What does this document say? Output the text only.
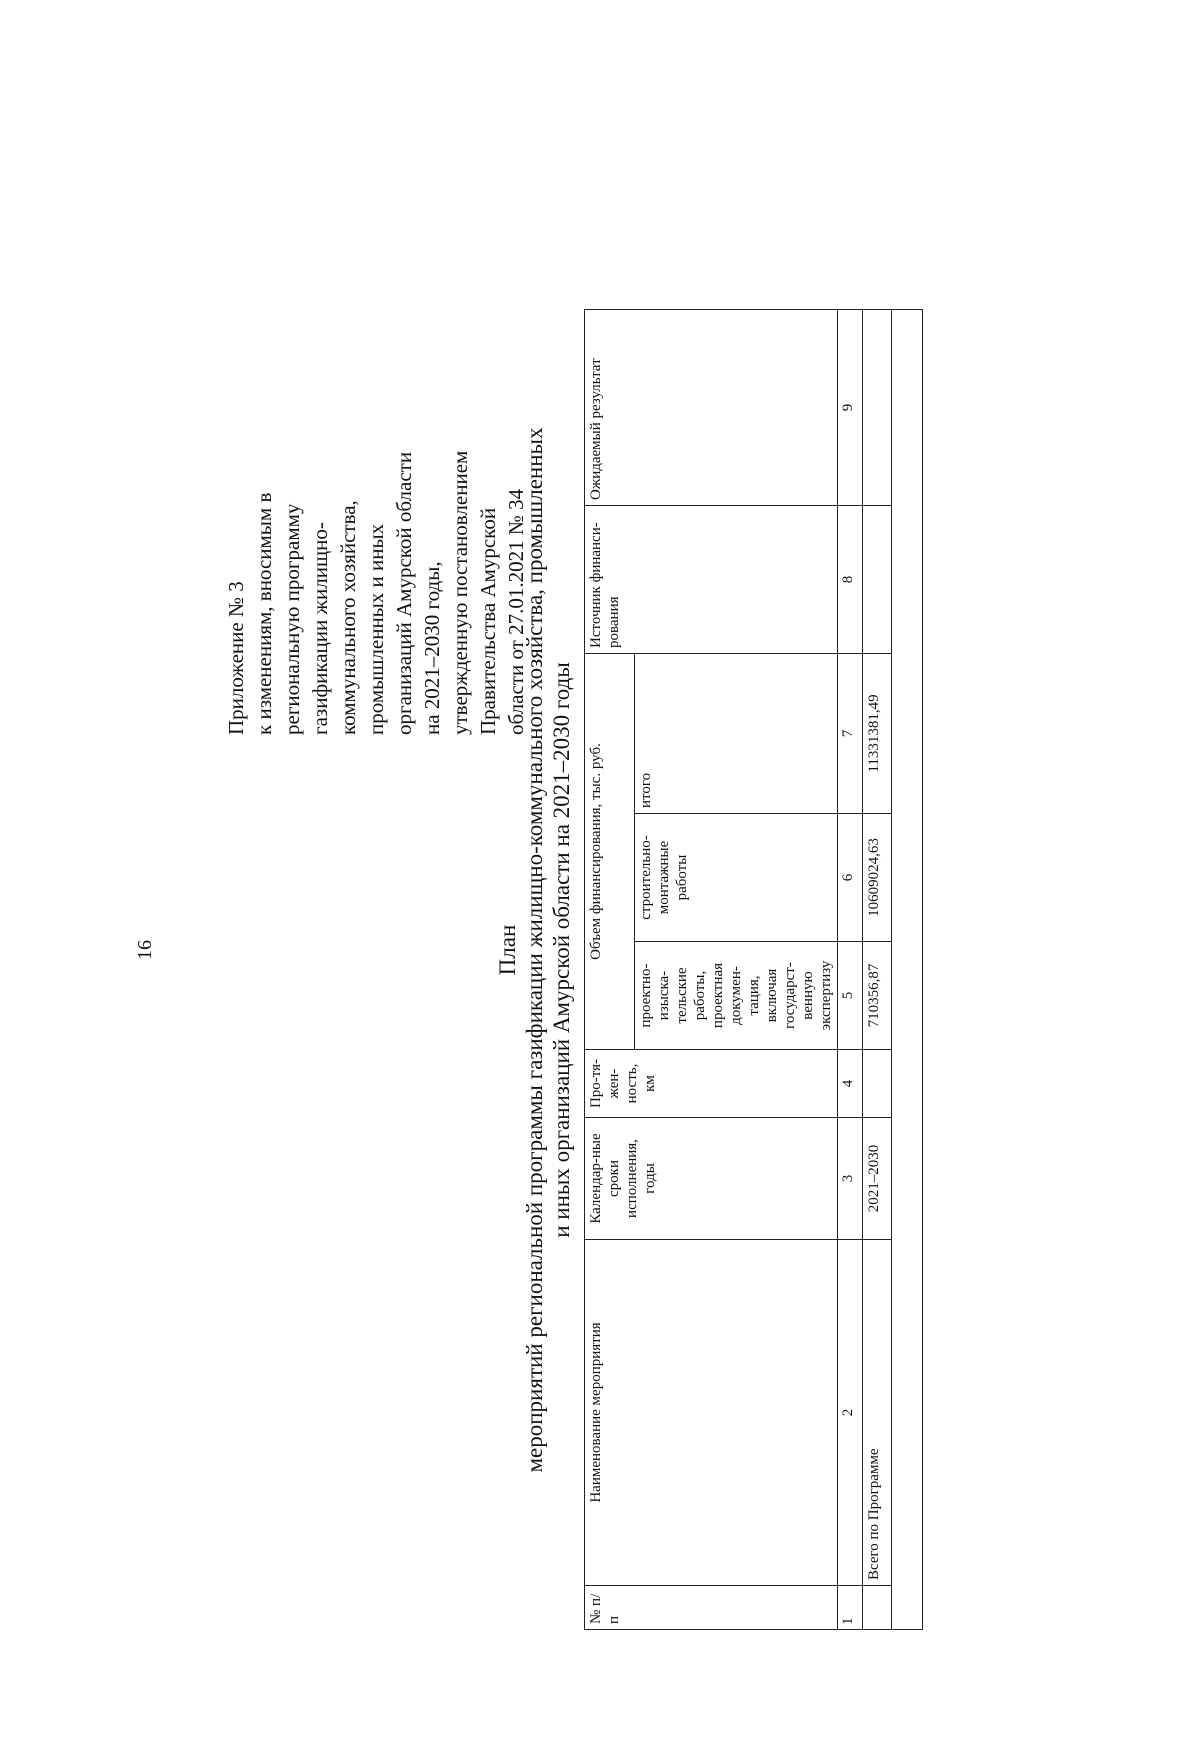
16
Приложение № 3 к изменениям, вносимым в региональную программу газификации жилищно- коммунального хозяйства, промышленных и иных организаций Амурской области на 2021–2030 годы, утвержденную постановлением Правительства Амурской области от 27.01.2021 № 34
План мероприятий региональной программы газификации жилищно-коммунального хозяйства, промышленных и иных организаций Амурской области на 2021–2030 годы
№ п/п	Наименование мероприятия	Календар-ные сроки исполнения, годы	Про-тя-жен-ность, км	Объем финансирования, тыс. руб.			Источник финанси-рования	Ожидаемый результат
				проектно-изыска-тельские работы, проектная докумен-тация, включая государст-венную экспертизу	строительно-монтажные работы	итого		
1	2	3	4	5	6	7	8	9
	Всего по Программе	2021–2030		710356,87	10609024,63	11331381,49		
